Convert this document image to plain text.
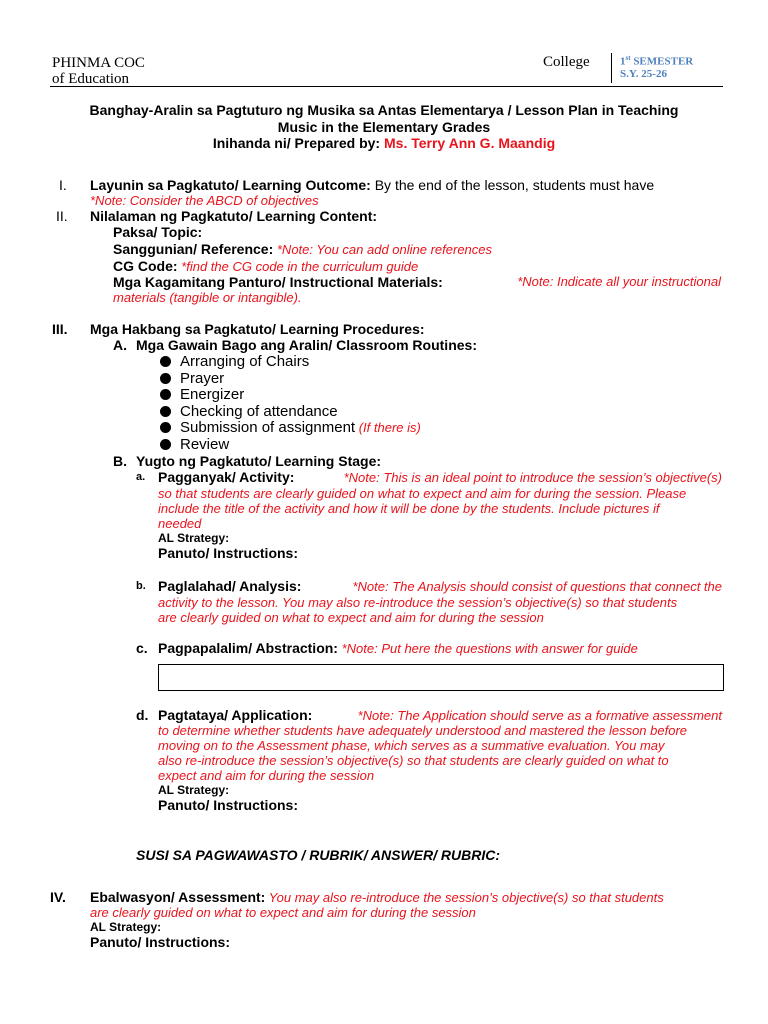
PHINMA COC
of Education
College	1st SEMESTER
S.Y. 25-26
Banghay-Aralin sa Pagtuturo ng Musika sa Antas Elementarya / Lesson Plan in Teaching
Music in the Elementary Grades
Inihanda ni/ Prepared by: Ms. Terry Ann G. Maandig
I. Layunin sa Pagkatuto/ Learning Outcome: By the end of the lesson, students must have
*Note: Consider the ABCD of objectives
II. Nilalaman ng Pagkatuto/ Learning Content:
Paksa/ Topic:
Sanggunian/ Reference: *Note: You can add online references
CG Code: *find the CG code in the curriculum guide
Mga Kagamitang Panturo/ Instructional Materials:	*Note: Indicate all your instructional
materials (tangible or intangible).
III. Mga Hakbang sa Pagkatuto/ Learning Procedures:
A. Mga Gawain Bago ang Aralin/ Classroom Routines:
Arranging of Chairs
Prayer
Energizer
Checking of attendance
Submission of assignment (If there is)
Review
B. Yugto ng Pagkatuto/ Learning Stage:
a. Pagganyak/ Activity:	*Note: This is an ideal point to introduce the session’s objective(s)
so that students are clearly guided on what to expect and aim for during the session. Please
include the title of the activity and how it will be done by the students. Include pictures if
needed
AL Strategy:
Panuto/ Instructions:
b. Paglalahad/ Analysis:	*Note: The Analysis should consist of questions that connect the
activity to the lesson. You may also re-introduce the session’s objective(s) so that students
are clearly guided on what to expect and aim for during the session
c. Pagpapalalim/ Abstraction: *Note: Put here the questions with answer for guide
d. Pagtataya/ Application:	*Note: The Application should serve as a formative assessment
to determine whether students have adequately understood and mastered the lesson before
moving on to the Assessment phase, which serves as a summative evaluation. You may
also re-introduce the session’s objective(s) so that students are clearly guided on what to
expect and aim for during the session
AL Strategy:
Panuto/ Instructions:
SUSI SA PAGWAWASTO / RUBRIK/ ANSWER/ RUBRIC:
IV. Ebalwasyon/ Assessment: You may also re-introduce the session’s objective(s) so that students
are clearly guided on what to expect and aim for during the session
AL Strategy:
Panuto/ Instructions:
